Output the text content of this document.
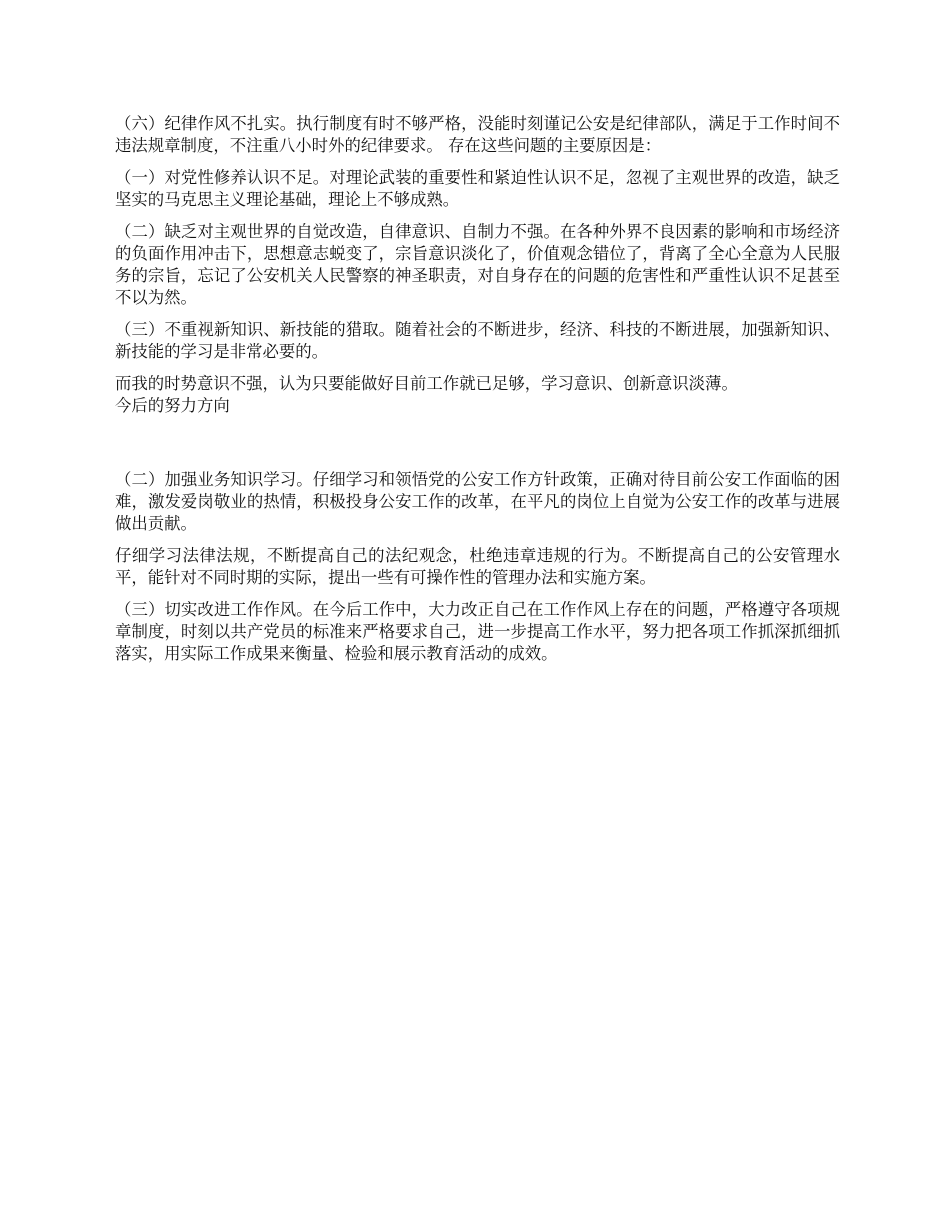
（六）纪律作风不扎实。执行制度有时不够严格，没能时刻谨记公安是纪律部队，满足于工作时间不违法规章制度，不注重八小时外的纪律要求。 存在这些问题的主要原因是：

（一）对党性修养认识不足。对理论武装的重要性和紧迫性认识不足，忽视了主观世界的改造，缺乏坚实的马克思主义理论基础，理论上不够成熟。

（二）缺乏对主观世界的自觉改造，自律意识、自制力不强。在各种外界不良因素的影响和市场经济的负面作用冲击下，思想意志蜕变了，宗旨意识淡化了，价值观念错位了，背离了全心全意为人民服务的宗旨，忘记了公安机关人民警察的神圣职责，对自身存在的问题的危害性和严重性认识不足甚至不以为然。

（三）不重视新知识、新技能的猎取。随着社会的不断进步，经济、科技的不断进展，加强新知识、新技能的学习是非常必要的。

而我的时势意识不强，认为只要能做好目前工作就已足够，学习意识、创新意识淡薄。

今后的努力方向

（二）加强业务知识学习。仔细学习和领悟党的公安工作方针政策，正确对待目前公安工作面临的困难，激发爱岗敬业的热情，积极投身公安工作的改革，在平凡的岗位上自觉为公安工作的改革与进展做出贡献。

仔细学习法律法规，不断提高自己的法纪观念，杜绝违章违规的行为。不断提高自己的公安管理水平，能针对不同时期的实际，提出一些有可操作性的管理办法和实施方案。

（三）切实改进工作作风。在今后工作中，大力改正自己在工作作风上存在的问题，严格遵守各项规章制度，时刻以共产党员的标准来严格要求自己，进一步提高工作水平，努力把各项工作抓深抓细抓落实，用实际工作成果来衡量、检验和展示教育活动的成效。
